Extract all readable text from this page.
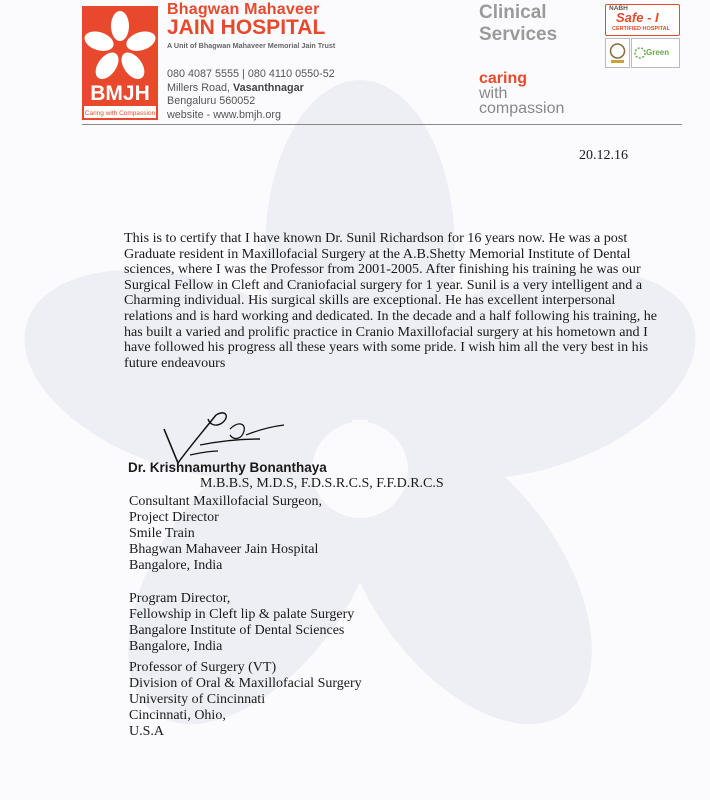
BMJH
Caring with Compassion
Bhagwan Mahaveer
JAIN HOSPITAL
A Unit of Bhagwan Mahaveer Memorial Jain Trust
080 4087 5555 | 080 4110 0550-52
Millers Road, Vasanthnagar
Bengaluru 560052
website - www.bmjh.org
Clinical
Services
caring
with
compassion
NABH
Safe - I
CERTIFIED HOSPITAL
Green
20.12.16
This is to certify that I have known Dr. Sunil Richardson for 16 years now. He was a post
Graduate resident in Maxillofacial Surgery at the A.B.Shetty Memorial Institute of Dental
sciences, where I was the Professor from 2001-2005. After finishing his training he was our
Surgical Fellow in Cleft and Craniofacial surgery for 1 year. Sunil is a very intelligent and a
Charming individual. His surgical skills are exceptional. He has excellent interpersonal
relations and is hard working and dedicated. In the decade and a half following his training, he
has built a varied and prolific practice in Cranio Maxillofacial surgery at his hometown and I
have followed his progress all these years with some pride. I wish him all the very best in his
future endeavours
Dr. Krishnamurthy Bonanthaya
M.B.B.S, M.D.S, F.D.S.R.C.S, F.F.D.R.C.S
Consultant Maxillofacial Surgeon,
Project Director
Smile Train
Bhagwan Mahaveer Jain Hospital
Bangalore, India
Program Director,
Fellowship in Cleft lip & palate Surgery
Bangalore Institute of Dental Sciences
Bangalore, India
Professor of Surgery (VT)
Division of Oral & Maxillofacial Surgery
University of Cincinnati
Cincinnati, Ohio,
U.S.A
